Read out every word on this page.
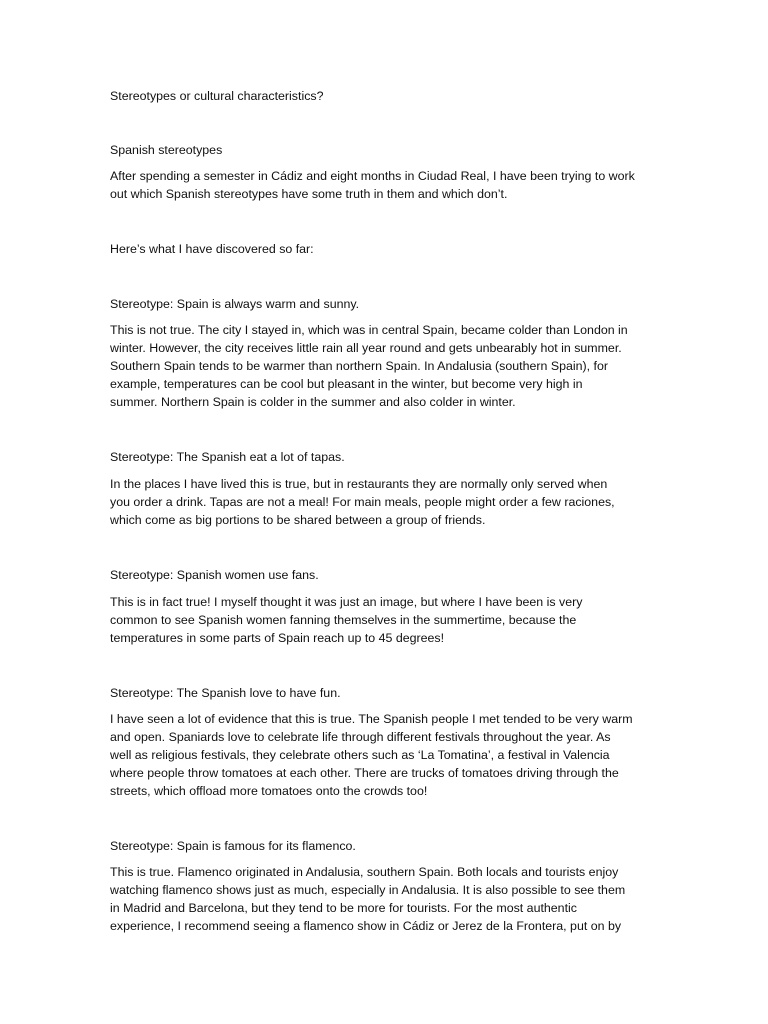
Stereotypes or cultural characteristics?

Spanish stereotypes

After spending a semester in Cádiz and eight months in Ciudad Real, I have been trying to work
out which Spanish stereotypes have some truth in them and which don’t.

Here’s what I have discovered so far:

Stereotype: Spain is always warm and sunny.

This is not true. The city I stayed in, which was in central Spain, became colder than London in
winter. However, the city receives little rain all year round and gets unbearably hot in summer.
Southern Spain tends to be warmer than northern Spain. In Andalusia (southern Spain), for
example, temperatures can be cool but pleasant in the winter, but become very high in
summer. Northern Spain is colder in the summer and also colder in winter.

Stereotype: The Spanish eat a lot of tapas.

In the places I have lived this is true, but in restaurants they are normally only served when
you order a drink. Tapas are not a meal! For main meals, people might order a few raciones,
which come as big portions to be shared between a group of friends.

Stereotype: Spanish women use fans.

This is in fact true! I myself thought it was just an image, but where I have been is very
common to see Spanish women fanning themselves in the summertime, because the
temperatures in some parts of Spain reach up to 45 degrees!

Stereotype: The Spanish love to have fun.

I have seen a lot of evidence that this is true. The Spanish people I met tended to be very warm
and open. Spaniards love to celebrate life through different festivals throughout the year. As
well as religious festivals, they celebrate others such as ‘La Tomatina’, a festival in Valencia
where people throw tomatoes at each other. There are trucks of tomatoes driving through the
streets, which offload more tomatoes onto the crowds too!

Stereotype: Spain is famous for its flamenco.

This is true. Flamenco originated in Andalusia, southern Spain. Both locals and tourists enjoy
watching flamenco shows just as much, especially in Andalusia. It is also possible to see them
in Madrid and Barcelona, but they tend to be more for tourists. For the most authentic
experience, I recommend seeing a flamenco show in Cádiz or Jerez de la Frontera, put on by
